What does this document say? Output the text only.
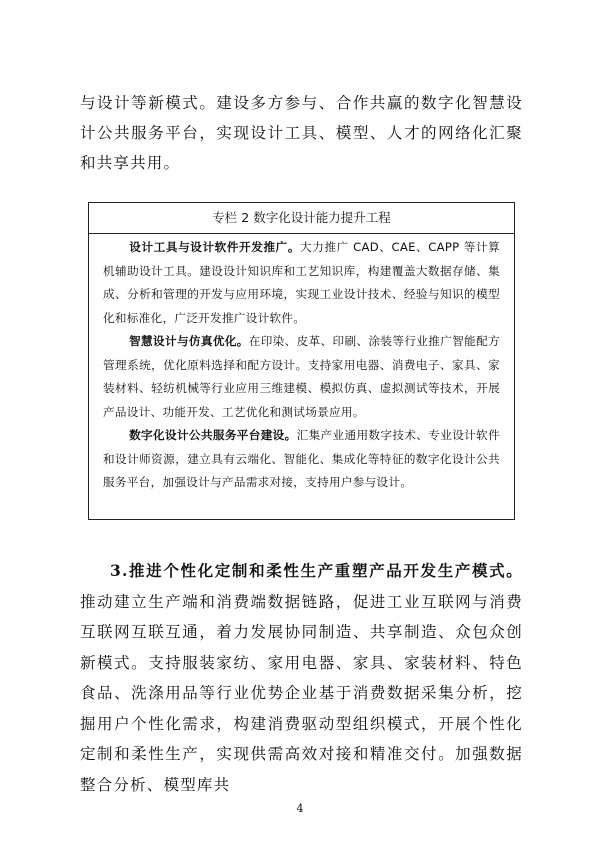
与设计等新模式。建设多方参与、合作共赢的数字化智慧设计公共服务平台，实现设计工具、模型、人才的网络化汇聚和共享共用。

专栏 2 数字化设计能力提升工程

设计工具与设计软件开发推广。大力推广 CAD、CAE、CAPP 等计算机辅助设计工具。建设设计知识库和工艺知识库，构建覆盖大数据存储、集成、分析和管理的开发与应用环境，实现工业设计技术、经验与知识的模型化和标准化，广泛开发推广设计软件。

智慧设计与仿真优化。在印染、皮革、印刷、涂装等行业推广智能配方管理系统，优化原料选择和配方设计。支持家用电器、消费电子、家具、家装材料、轻纺机械等行业应用三维建模、模拟仿真、虚拟测试等技术，开展产品设计、功能开发、工艺优化和测试场景应用。

数字化设计公共服务平台建设。汇集产业通用数字技术、专业设计软件和设计师资源，建立具有云端化、智能化、集成化等特征的数字化设计公共服务平台，加强设计与产品需求对接，支持用户参与设计。

3.推进个性化定制和柔性生产重塑产品开发生产模式。推动建立生产端和消费端数据链路，促进工业互联网与消费互联网互联互通，着力发展协同制造、共享制造、众包众创新模式。支持服装家纺、家用电器、家具、家装材料、特色食品、洗涤用品等行业优势企业基于消费数据采集分析，挖掘用户个性化需求，构建消费驱动型组织模式，开展个性化定制和柔性生产，实现供需高效对接和精准交付。加强数据整合分析、模型库共

4
